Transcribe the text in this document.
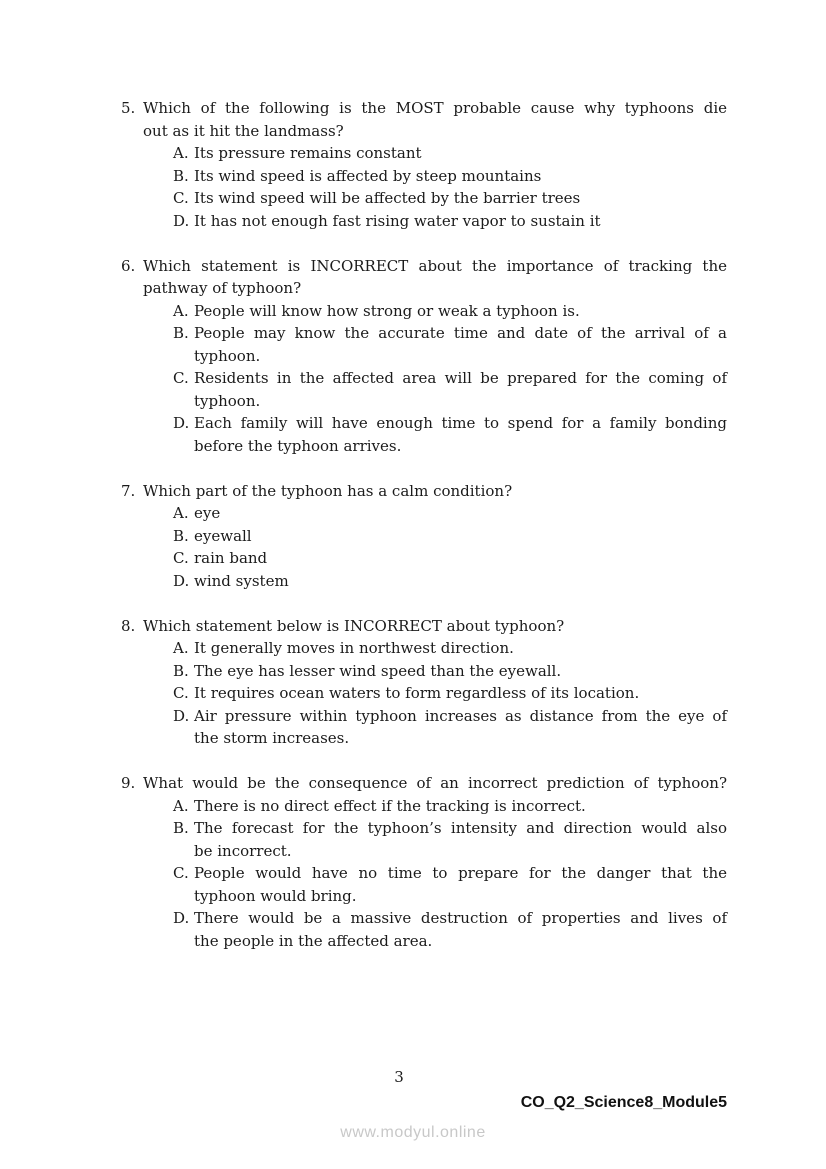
5. Which of the following is the MOST probable cause why typhoons die
out as it hit the landmass?
A. Its pressure remains constant
B. Its wind speed is affected by steep mountains
C. Its wind speed will be affected by the barrier trees
D. It has not enough fast rising water vapor to sustain it
6. Which statement is INCORRECT about the importance of tracking the
pathway of typhoon?
A. People will know how strong or weak a typhoon is.
B. People may know the accurate time and date of the arrival of a
typhoon.
C. Residents in the affected area will be prepared for the coming of
typhoon.
D. Each family will have enough time to spend for a family bonding
before the typhoon arrives.
7. Which part of the typhoon has a calm condition?
A. eye
B. eyewall
C. rain band
D. wind system
8. Which statement below is INCORRECT about typhoon?
A. It generally moves in northwest direction.
B. The eye has lesser wind speed than the eyewall.
C. It requires ocean waters to form regardless of its location.
D. Air pressure within typhoon increases as distance from the eye of
the storm increases.
9. What would be the consequence of an incorrect prediction of typhoon?
A. There is no direct effect if the tracking is incorrect.
B. The forecast for the typhoon’s intensity and direction would also
be incorrect.
C. People would have no time to prepare for the danger that the
typhoon would bring.
D. There would be a massive destruction of properties and lives of
the people in the affected area.
3
CO_Q2_Science8_Module5
www.modyul.online
